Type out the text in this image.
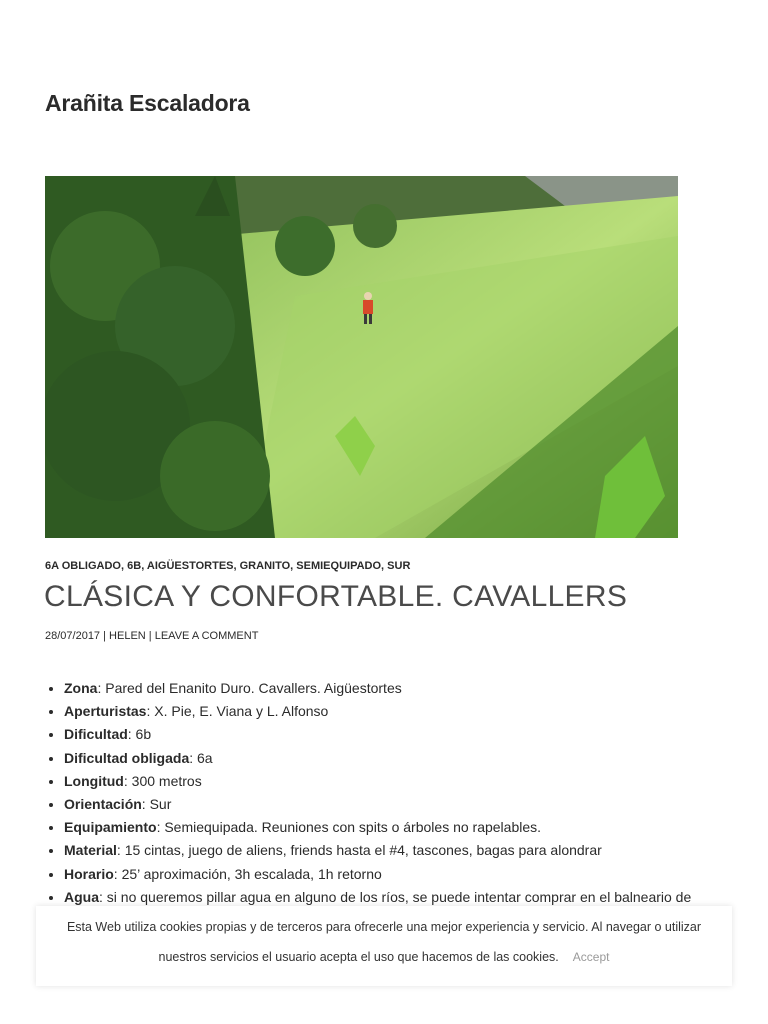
Arañita Escaladora
6A OBLIGADO, 6B, AIGÜESTORTES, GRANITO, SEMIEQUIPADO, SUR
CLÁSICA Y CONFORTABLE. CAVALLERS
28/07/2017 | HELEN | LEAVE A COMMENT
• Zona: Pared del Enanito Duro. Cavallers. Aigüestortes
• Aperturistas: X. Pie, E. Viana y L. Alfonso
• Dificultad: 6b
• Dificultad obligada: 6a
• Longitud: 300 metros
• Orientación: Sur
• Equipamiento: Semiequipada. Reuniones con spits o árboles no rapelables.
• Material: 15 cintas, juego de aliens, friends hasta el #4, tascones, bagas para alondrar
• Horario: 25’ aproximación, 3h escalada, 1h retorno
• Agua: si no queremos pillar agua en alguno de los ríos, se puede intentar comprar en el balneario de
Esta Web utiliza cookies propias y de terceros para ofrecerle una mejor experiencia y servicio. Al navegar o utilizar
nuestros servicios el usuario acepta el uso que hacemos de las cookies. Accept
